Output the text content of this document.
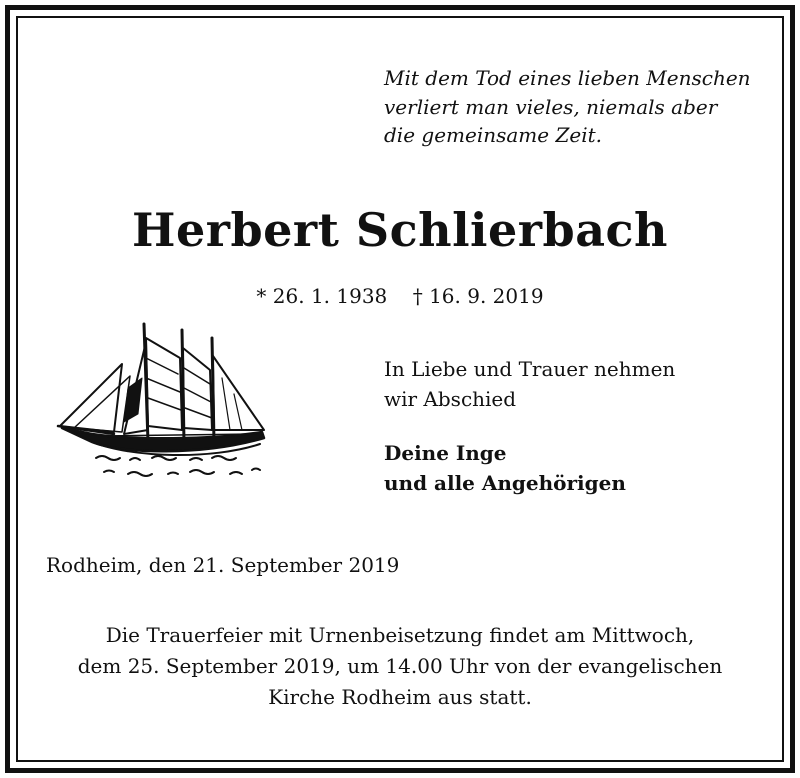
Mit dem Tod eines lieben Menschen
verliert man vieles, niemals aber
die gemeinsame Zeit.
Herbert Schlierbach
* 26. 1. 1938    † 16. 9. 2019
In Liebe und Trauer nehmen
wir Abschied
Deine Inge
und alle Angehörigen
Rodheim, den 21. September 2019
Die Trauerfeier mit Urnenbeisetzung findet am Mittwoch,
dem 25. September 2019, um 14.00 Uhr von der evangelischen
Kirche Rodheim aus statt.
